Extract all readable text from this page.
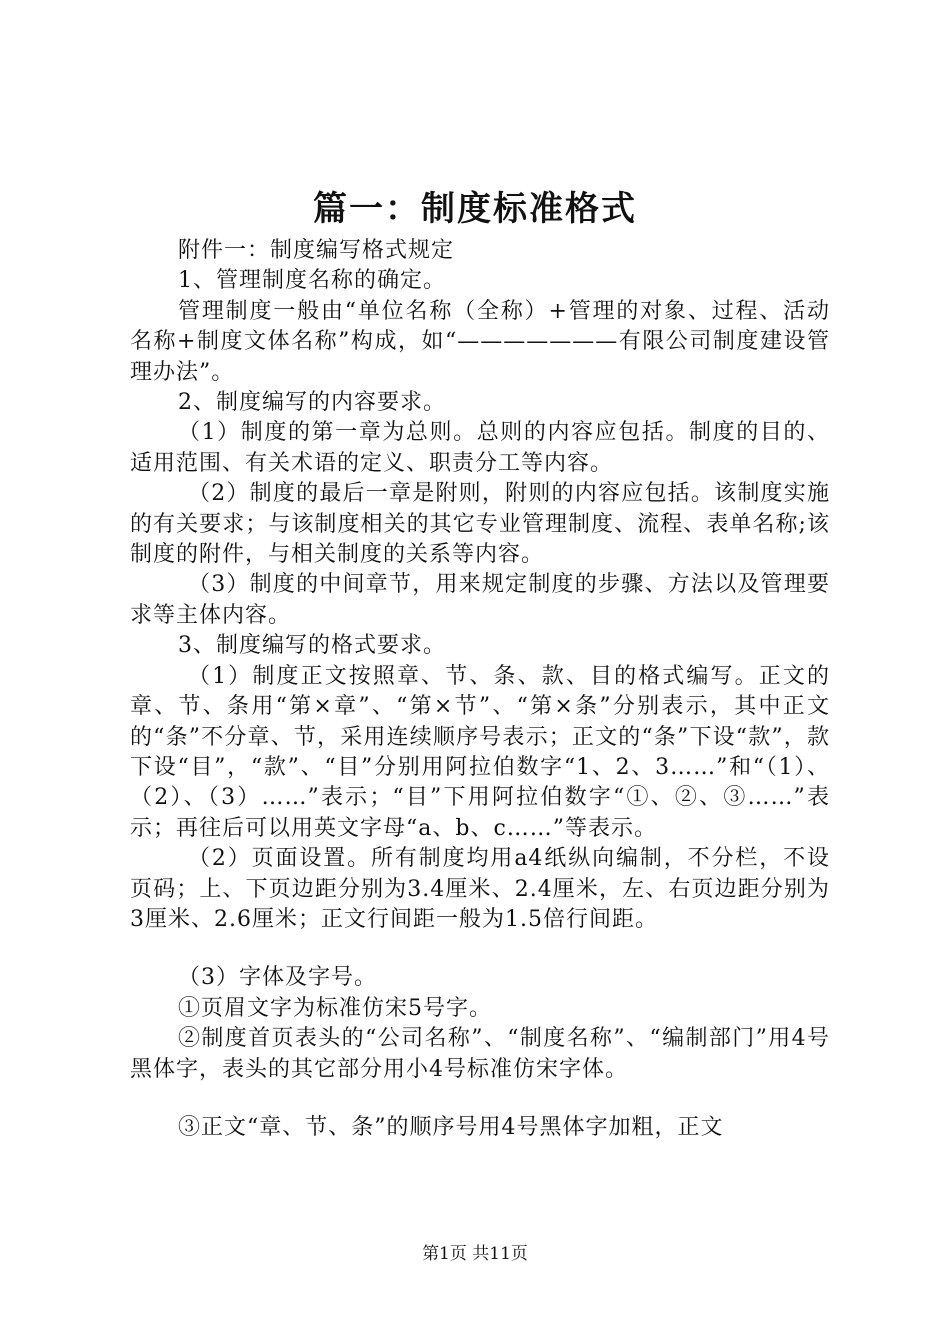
篇一：制度标准格式

附件一：制度编写格式规定

1、管理制度名称的确定。

管理制度一般由“单位名称（全称）+管理的对象、过程、活动名称+制度文体名称”构成，如“———————有限公司制度建设管理办法”。

2、制度编写的内容要求。

（1）制度的第一章为总则。总则的内容应包括。制度的目的、适用范围、有关术语的定义、职责分工等内容。

（2）制度的最后一章是附则，附则的内容应包括。该制度实施的有关要求；与该制度相关的其它专业管理制度、流程、表单名称;该制度的附件，与相关制度的关系等内容。

（3）制度的中间章节，用来规定制度的步骤、方法以及管理要求等主体内容。

3、制度编写的格式要求。

（1）制度正文按照章、节、条、款、目的格式编写。正文的章、节、条用“第×章”、“第×节”、“第×条”分别表示，其中正文的“条”不分章、节，采用连续顺序号表示；正文的“条”下设“款”，款下设“目”，“款”、“目”分别用阿拉伯数字“1、2、3……”和“（1）、（2）、（3）……”表示；“目”下用阿拉伯数字“①、②、③……”表示；再往后可以用英文字母“a、b、c……”等表示。

（2）页面设置。所有制度均用a4纸纵向编制，不分栏，不设页码；上、下页边距分别为3.4厘米、2.4厘米，左、右页边距分别为3厘米、2.6厘米；正文行间距一般为1.5倍行间距。

（3）字体及字号。

①页眉文字为标准仿宋5号字。

②制度首页表头的“公司名称”、“制度名称”、“编制部门”用4号黑体字，表头的其它部分用小4号标准仿宋字体。

③正文“章、节、条”的顺序号用4号黑体字加粗，正文

第1页 共11页
